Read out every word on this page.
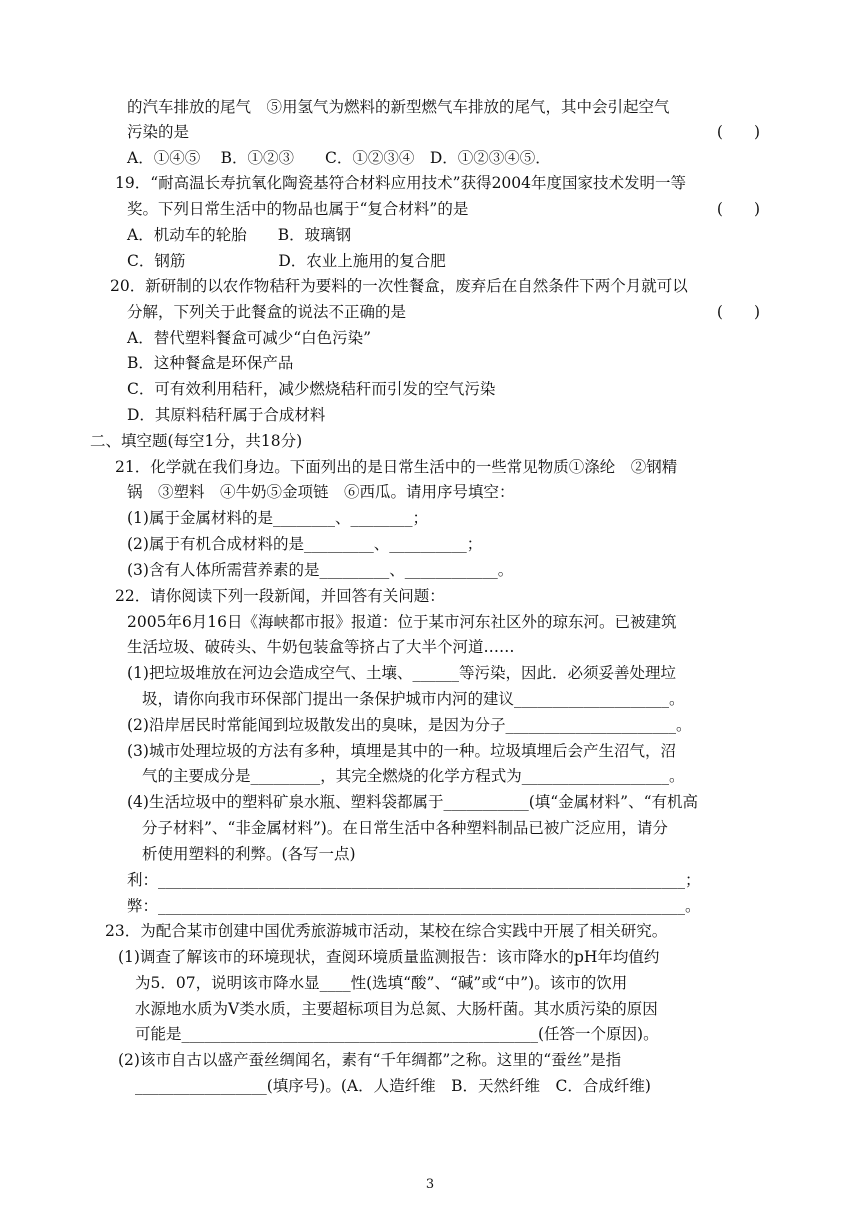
的汽车排放的尾气　⑤用氢气为燃料的新型燃气车排放的尾气，其中会引起空气
污染的是	(　　)
A．①④⑤　 B．①②③　　C．①②③④　D．①②③④⑤．
19．“耐高温长寿抗氧化陶瓷基符合材料应用技术”获得2004年度国家技术发明一等
奖。下列日常生活中的物品也属于“复合材料”的是	(　　)
A．机动车的轮胎　　B．玻璃钢
C．钢筋　　　　　　D．农业上施用的复合肥
20．新研制的以农作物秸秆为要料的一次性餐盒，废弃后在自然条件下两个月就可以
分解，下列关于此餐盒的说法不正确的是	(　　)
A．替代塑料餐盒可减少“白色污染”
B．这种餐盒是环保产品
C．可有效利用秸秆，减少燃烧秸秆而引发的空气污染
D．其原料秸秆属于合成材料
二、填空题(每空1分，共18分)
21．化学就在我们身边。下面列出的是日常生活中的一些常见物质①涤纶　②钢精
锅　③塑料　④牛奶⑤金项链　⑥西瓜。请用序号填空：
(1)属于金属材料的是________、________；
(2)属于有机合成材料的是_________、__________；
(3)含有人体所需营养素的是_________、____________。
22．请你阅读下列一段新闻，并回答有关问题：
2005年6月16日《海峡都市报》报道：位于某市河东社区外的琼东河。已被建筑
生活垃圾、破砖头、牛奶包装盒等挤占了大半个河道……
(1)把垃圾堆放在河边会造成空气、土壤、______等污染，因此．必须妥善处理垃
圾，请你向我市环保部门提出一条保护城市内河的建议____________________。
(2)沿岸居民时常能闻到垃圾散发出的臭味，是因为分子______________________。
(3)城市处理垃圾的方法有多种，填埋是其中的一种。垃圾填埋后会产生沼气，沼
气的主要成分是_________，其完全燃烧的化学方程式为___________________。
(4)生活垃圾中的塑料矿泉水瓶、塑料袋都属于___________(填“金属材料”、“有机高
分子材料”、“非金属材料”)。在日常生活中各种塑料制品已被广泛应用，请分
析使用塑料的利弊。(各写一点)
利：____________________________________________________________________；
弊：____________________________________________________________________。
23．为配合某市创建中国优秀旅游城市活动，某校在综合实践中开展了相关研究。
(1)调查了解该市的环境现状，查阅环境质量监测报告：该市降水的pH年均值约
为5．07，说明该市降水显____性(选填“酸”、“碱”或“中”)。该市的饮用
水源地水质为V类水质，主要超标项目为总氮、大肠杆菌。其水质污染的原因
可能是______________________________________________(任答一个原因)。
(2)该市自古以盛产蚕丝绸闻名，素有“千年绸都”之称。这里的“蚕丝”是指
_________________(填序号)。(A．人造纤维　B．天然纤维　C．合成纤维)
3
